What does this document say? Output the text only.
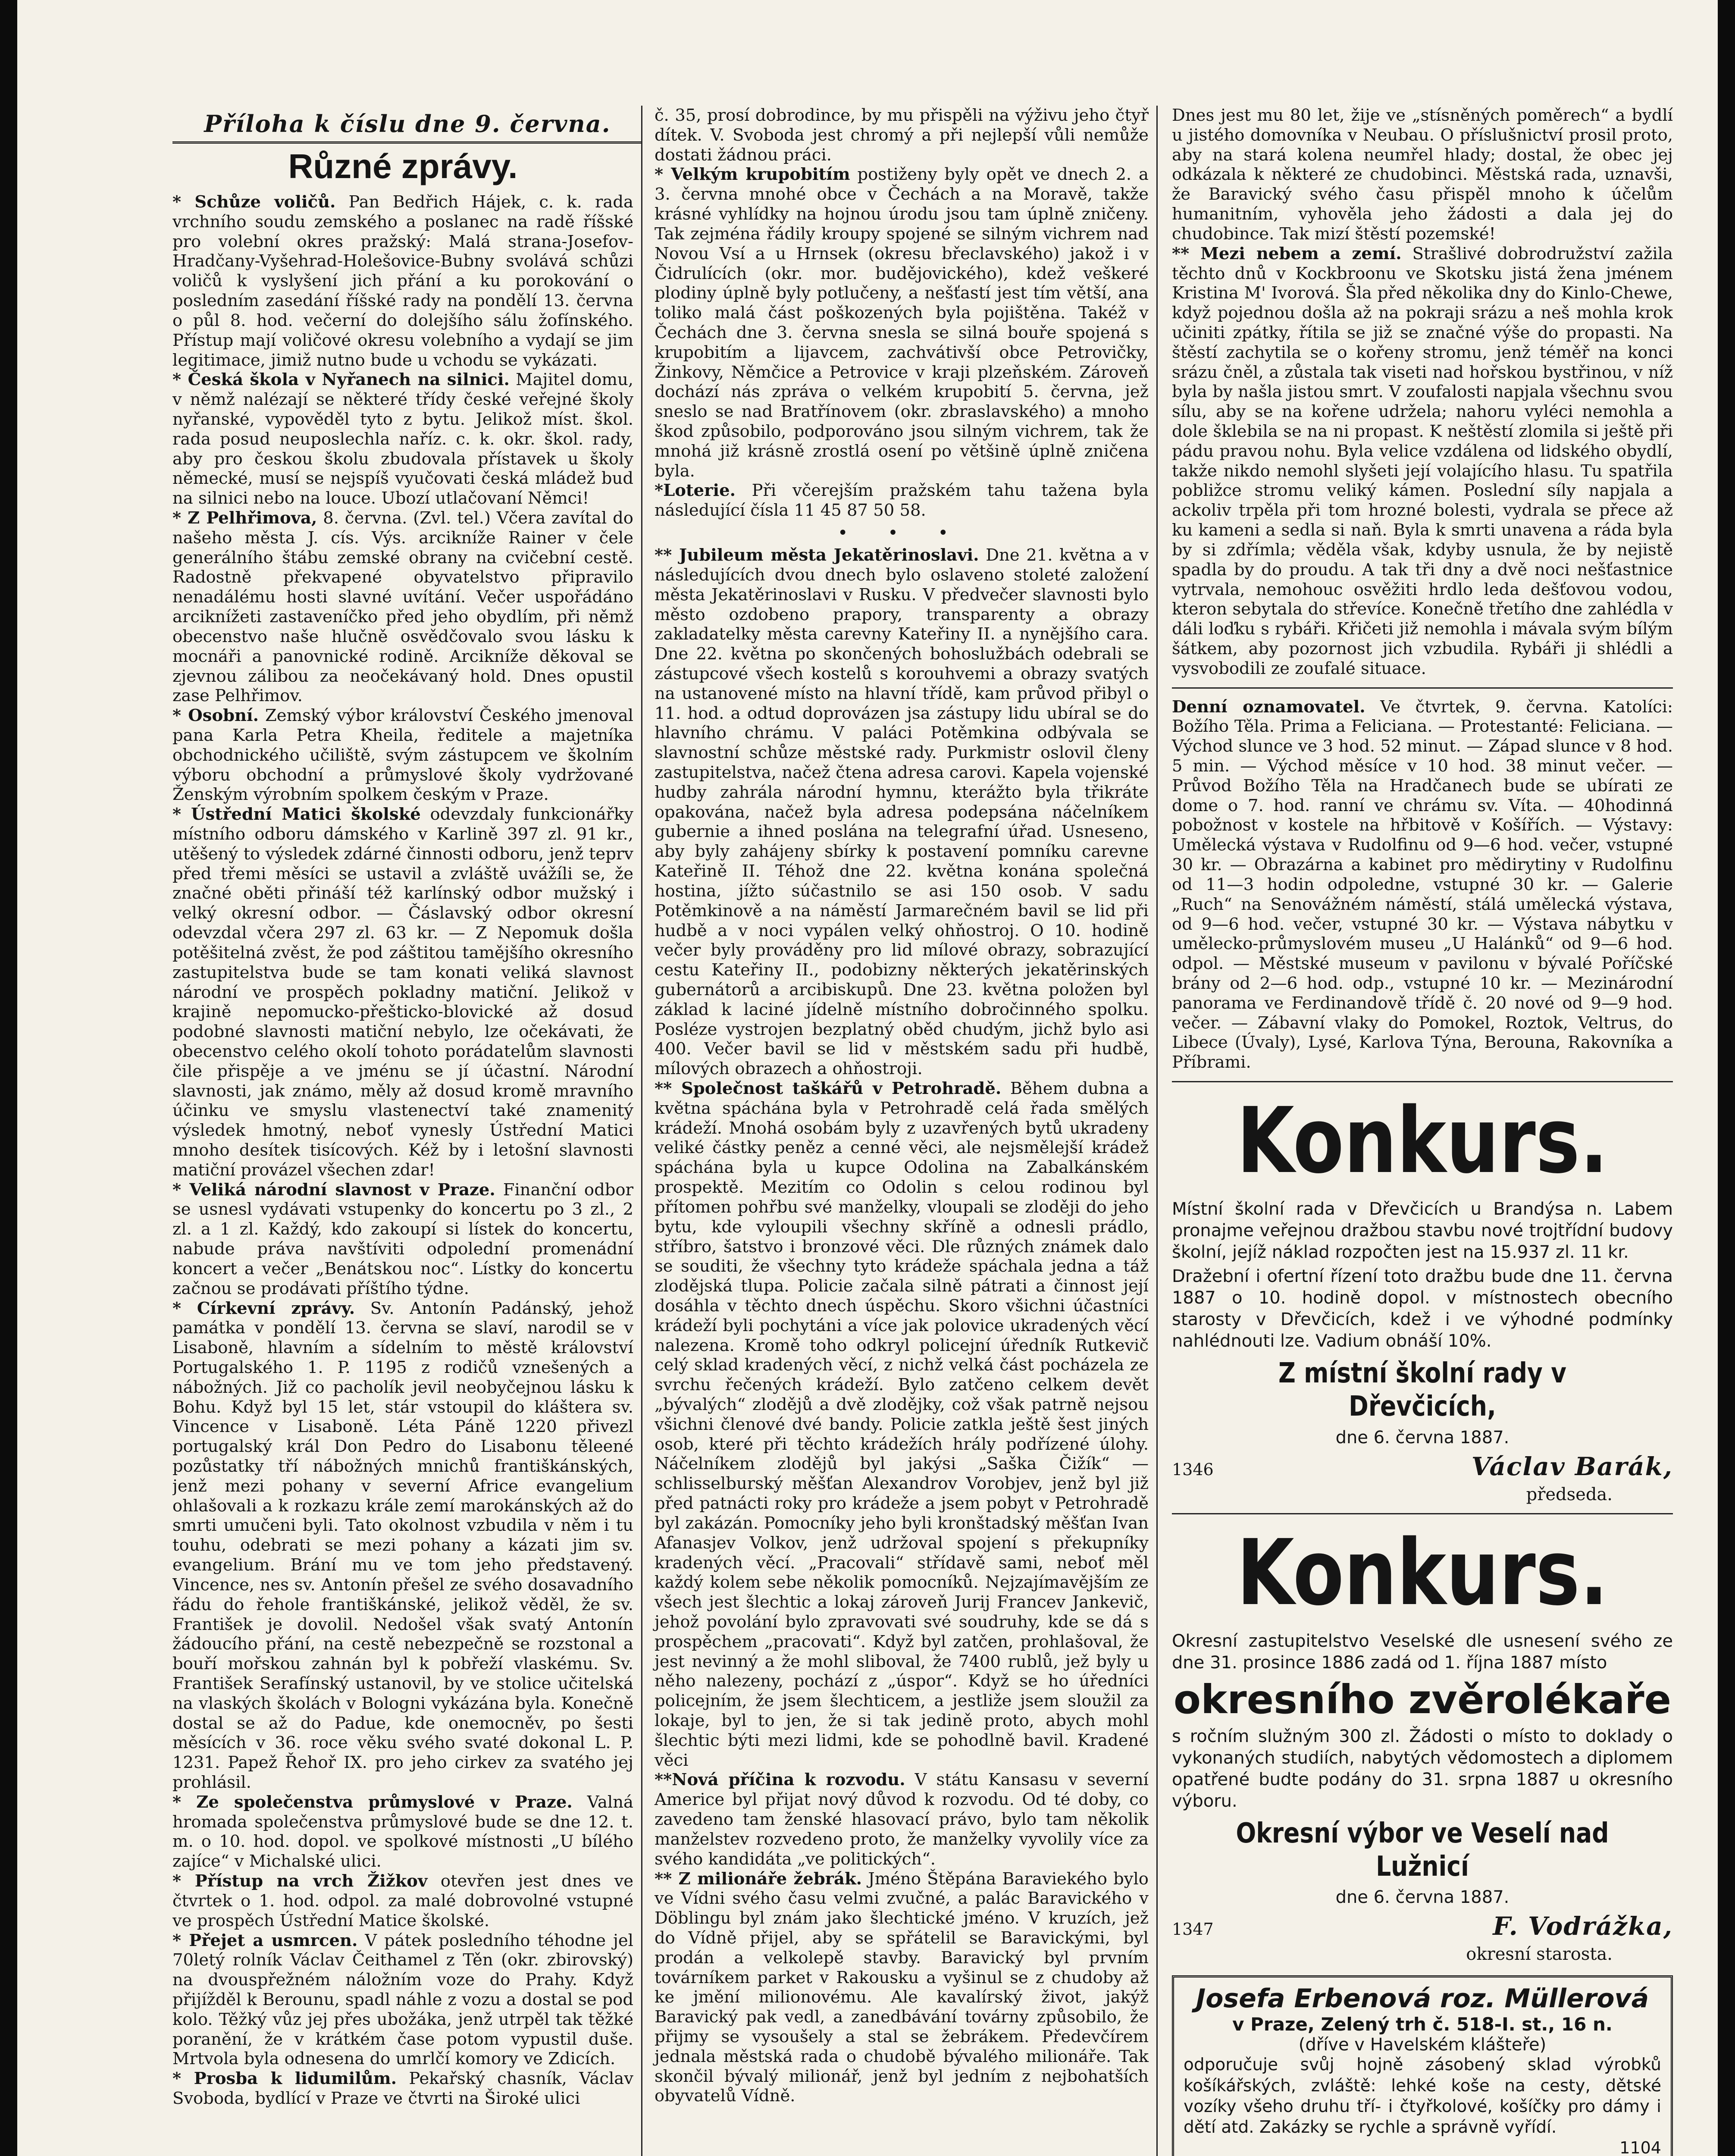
Příloha k číslu dne 9. června.
Různé zprávy.

* Schůze voličů. Pan Bedřich Hájek, c. k. rada vrchního soudu zemského a poslanec na radě říšské pro volební okres pražský: Malá strana-Josefov-Hradčany-Vyšehrad-Holešovice-Bubny svolává schůzi voličů k vyslyšení jich přání a ku porokování o posledním zasedání říšské rady na pondělí 13. června o půl 8. hod. večerní do dolejšího sálu žofínského. Přístup mají voličové okresu volebního a vydají se jim legitimace, jimiž nutno bude u vchodu se vykázati.

* Česká škola v Nyřanech na silnici. Majitel domu, v němž nalézají se některé třídy české veřejné školy nyřanské, vypověděl tyto z bytu. Jelikož míst. škol. rada posud neuposlechla naříz. c. k. okr. škol. rady, aby pro českou školu zbudovala přístavek u školy německé, musí se nejspíš vyučovati česká mládež bud na silnici nebo na louce. Ubozí utlačovaní Němci!

* Z Pelhřimova, 8. června. (Zvl. tel.) Včera zavítal do našeho města J. cís. Výs. arcikníže Rainer v čele generálního štábu zemské obrany na cvičební cestě. Radostně překvapené obyvatelstvo připravilo nenadálému hosti slavné uvítání. Večer uspořádáno arciknížeti zastaveníčko před jeho obydlím, při němž obecenstvo naše hlučně osvědčovalo svou lásku k mocnáři a panovnické rodině. Arcikníže děkoval se zjevnou zálibou za neočekávaný hold. Dnes opustil zase Pelhřimov.

* Osobní. Zemský výbor království Českého jmenoval pana Karla Petra Kheila, ředitele a majetníka obchodnického učiliště, svým zástupcem ve školním výboru obchodní a průmyslové školy vydržované Ženským výrobním spolkem českým v Praze.

* Ústřední Matici školské odevzdaly funkcionářky místního odboru dámského v Karlině 397 zl. 91 kr., utěšený to výsledek zdárné činnosti odboru, jenž teprv před třemi měsíci se ustavil a zvláště uvážíli se, že značné oběti přináší též karlínský odbor mužský i velký okresní odbor. — Čáslavský odbor okresní odevzdal včera 297 zl. 63 kr. — Z Nepomuk došla potěšitelná zvěst, že pod záštitou tamějšího okresního zastupitelstva bude se tam konati veliká slavnost národní ve prospěch pokladny matiční. Jelikož v krajině nepomucko-přešticko-blovické až dosud podobné slavnosti matiční nebylo, lze očekávati, že obecenstvo celého okolí tohoto porádatelům slavnosti čile přispěje a ve jménu se jí účastní. Národní slavnosti, jak známo, měly až dosud kromě mravního účinku ve smyslu vlastenectví také znamenitý výsledek hmotný, neboť vynesly Ústřední Matici mnoho desítek tisícových. Kéž by i letošní slavnosti matiční provázel všechen zdar!

* Veliká národní slavnost v Praze. Finanční odbor se usnesl vydávati vstupenky do koncertu po 3 zl., 2 zl. a 1 zl. Každý, kdo zakoupí si lístek do koncertu, nabude práva navštíviti odpolední promenádní koncert a večer „Benátskou noc“. Lístky do koncertu začnou se prodávati příštího týdne.

* Církevní zprávy. Sv. Antonín Padánský, jehož památka v pondělí 13. června se slaví, narodil se v Lisaboně, hlavním a sídelním to městě království Portugalského 1. P. 1195 z rodičů vznešených a nábožných. Již co pacholík jevil neobyčejnou lásku k Bohu. Když byl 15 let, stár vstoupil do kláštera sv. Vincence v Lisaboně. Léta Páně 1220 přivezl portugalský král Don Pedro do Lisabonu těleené pozůstatky tří nábožných mnichů františkánských, jenž mezi pohany v severní Africe evangelium ohlašovali a k rozkazu krále zemí marokánských až do smrti umučeni byli. Tato okolnost vzbudila v něm i tu touhu, odebrati se mezi pohany a kázati jim sv. evangelium. Brání mu ve tom jeho představený. Vincence, nes sv. Antonín přešel ze svého dosavadního řádu do řehole františkánské, jelikož věděl, že sv. František je dovolil. Nedošel však svatý Antonín žádoucího přání, na cestě nebezpečně se rozstonal a bouří mořskou zahnán byl k pobřeží vlaskému. Sv. František Serafínský ustanovil, by ve stolice učitelská na vlaských školách v Bologni vykázána byla. Konečně dostal se až do Padue, kde onemocněv, po šesti měsících v 36. roce věku svého svaté dokonal L. P. 1231. Papež Řehoř IX. pro jeho cirkev za svatého jej prohlásil.

* Ze společenstva průmyslové v Praze. Valná hromada společenstva průmyslové bude se dne 12. t. m. o 10. hod. dopol. ve spolkové místnosti „U bílého zajíce“ v Michalské ulici.

* Přístup na vrch Žižkov otevřen jest dnes ve čtvrtek o 1. hod. odpol. za malé dobrovolné vstupné ve prospěch Ústřední Matice školské.

* Přejet a usmrcen. V pátek posledního téhodne jel 70letý rolník Václav Čeithamel z Těn (okr. zbirovský) na dvouspřežném náložním voze do Prahy. Když přijížděl k Berounu, spadl náhle z vozu a dostal se pod kolo. Těžký vůz jej přes ubožáka, jenž utrpěl tak těžké poranění, že v krátkém čase potom vypustil duše. Mrtvola byla odnesena do umrlčí komory ve Zdicích.

* Prosba k lidumilům. Pekařský chasník, Václav Svoboda, bydlící v Praze ve čtvrti na Široké ulici

č. 35, prosí dobrodince, by mu přispěli na výživu jeho čtyř dítek. V. Svoboda jest chromý a při nejlepší vůli nemůže dostati žádnou práci.

* Velkým krupobitím postiženy byly opět ve dnech 2. a 3. června mnohé obce v Čechách a na Moravě, takže krásné vyhlídky na hojnou úrodu jsou tam úplně zničeny. Tak zejména řádily kroupy spojené se silným vichrem nad Novou Vsí a u Hrnsek (okresu břeclavského) jakož i v Čidrulících (okr. mor. budějovického), kdež veškeré plodiny úplně byly potlučeny, a nešťastí jest tím větší, ana toliko malá část poškozených byla pojištěna. Takéž v Čechách dne 3. června snesla se silná bouře spojená s krupobitím a lijavcem, zachvátivší obce Petrovičky, Žinkovy, Němčice a Petrovice v kraji plzeňském. Zároveň dochází nás zpráva o velkém krupobití 5. června, jež sneslo se nad Bratřínovem (okr. zbraslavského) a mnoho škod způsobilo, podporováno jsou silným vichrem, tak že mnohá již krásně zrostlá osení po většině úplně zničena byla.

*Loterie. Při včerejším pražském tahu tažena byla následující čísla 11 45 87 50 58.

• • •

** Jubileum města Jekatěrinoslavi. Dne 21. května a v následujících dvou dnech bylo oslaveno stoleté založení města Jekatěrinoslavi v Rusku. V předvečer slavnosti bylo město ozdobeno prapory, transparenty a obrazy zakladatelky města carevny Kateřiny II. a nynějšího cara. Dne 22. května po skončených bohoslužbách odebrali se zástupcové všech kostelů s korouhvemi a obrazy svatých na ustanovené místo na hlavní třídě, kam průvod přibyl o 11. hod. a odtud doprovázen jsa zástupy lidu ubíral se do hlavního chrámu. V paláci Potěmkina odbývala se slavnostní schůze městské rady. Purkmistr oslovil členy zastupitelstva, načež čtena adresa carovi. Kapela vojenské hudby zahrála národní hymnu, kterážto byla třikráte opakována, načež byla adresa podepsána náčelníkem gubernie a ihned poslána na telegrafní úřad. Usneseno, aby byly zahájeny sbírky k postavení pomníku carevne Kateřině II. Téhož dne 22. května konána společná hostina, jížto súčastnilo se asi 150 osob. V sadu Potěmkinově a na náměstí Jarmarečném bavil se lid při hudbě a v noci vypálen velký ohňostroj. O 10. hodině večer byly prováděny pro lid mílové obrazy, sobrazující cestu Kateřiny II., podobizny některých jekatěrinských gubernátorů a arcibiskupů. Dne 23. května položen byl základ k laciné jídelně místního dobročinného spolku. Posléze vystrojen bezplatný oběd chudým, jichž bylo asi 400. Večer bavil se lid v městském sadu při hudbě, mílových obrazech a ohňostroji.

** Společnost taškářů v Petrohradě. Během dubna a května spáchána byla v Petrohradě celá řada smělých krádeží. Mnohá osobám byly z uzavřených bytů ukradeny veliké částky peněz a cenné věci, ale nejsmělejší krádež spáchána byla u kupce Odolina na Zabalkánském prospektě. Mezitím co Odolin s celou rodinou byl přítomen pohřbu své manželky, vloupali se zloději do jeho bytu, kde vyloupili všechny skříně a odnesli prádlo, stříbro, šatstvo i bronzové věci. Dle různých známek dalo se souditi, že všechny tyto krádeže spáchala jedna a táž zlodějská tlupa. Policie začala silně pátrati a činnost její dosáhla v těchto dnech úspěchu. Skoro všichni účastníci krádeží byli pochytáni a více jak polovice ukradených věcí nalezena. Kromě toho odkryl policejní úředník Rutkevič celý sklad kradených věcí, z nichž velká část pocházela ze svrchu řečených krádeží. Bylo zatčeno celkem devět „bývalých“ zlodějů a dvě zlodějky, což však patrně nejsou všichni členové dvé bandy. Policie zatkla ještě šest jiných osob, které při těchto krádežích hrály podřízené úlohy. Náčelníkem zlodějů byl jakýsi „Saška Čižík“ — schlisselburský měšťan Alexandrov Vorobjev, jenž byl již před patnácti roky pro krádeže a jsem pobyt v Petrohradě byl zakázán. Pomocníky jeho byli kronštadský měšťan Ivan Afanasjev Volkov, jenž udržoval spojení s překupníky kradených věcí. „Pracovali“ střídavě sami, neboť měl každý kolem sebe několik pomocníků. Nejzajímavějším ze všech jest šlechtic a lokaj zároveň Jurij Francev Jankevič, jehož povolání bylo zpravovati své soudruhy, kde se dá s prospěchem „pracovati“. Když byl zatčen, prohlašoval, že jest nevinný a že mohl sliboval, že 7400 rublů, jež byly u něho nalezeny, pochází z „úspor“. Když se ho úředníci policejním, že jsem šlechticem, a jestliže jsem sloužil za lokaje, byl to jen, že si tak jedině proto, abych mohl šlechtic býti mezi lidmi, kde se pohodlně bavil. Kradené věci

**Nová příčina k rozvodu. V státu Kansasu v severní Americe byl přijat nový důvod k rozvodu. Od té doby, co zavedeno tam ženské hlasovací právo, bylo tam několik manželstev rozvedeno proto, že manželky vyvolily více za svého kandidáta „ve politických“.

** Z milionáře žebrák. Jméno Štěpána Baraviekého bylo ve Vídni svého času velmi zvučné, a palác Baravického v Döblingu byl znám jako šlechtické jméno. V kruzích, jež do Vídně přijel, aby se spřátelil se Baravickými, byl prodán a velkolepě stavby. Baravický byl prvním továrníkem parket v Rakousku a vyšinul se z chudoby až ke jmění milionovému. Ale kavalírský život, jakýž Baravický pak vedl, a zanedbávání továrny způsobilo, že přijmy se vysoušely a stal se žebrákem. Předevčírem jednala městská rada o chudobě bývalého milionáře. Tak skončil bývalý milionář, jenž byl jedním z nejbohatších obyvatelů Vídně.

Dnes jest mu 80 let, žije ve „stísněných poměrech“ a bydlí u jistého domovníka v Neubau. O příslušnictví prosil proto, aby na stará kolena neumřel hlady; dostal, že obec jej odkázala k některé ze chudobinci. Městská rada, uznavši, že Baravický svého času přispěl mnoho k účelům humanitním, vyhověla jeho žádosti a dala jej do chudobince. Tak mizí štěstí pozemské!

** Mezi nebem a zemí. Strašlivé dobrodružství zažila těchto dnů v Kockbroonu ve Skotsku jistá žena jménem Kristina M' Ivorová. Šla před několika dny do Kinlo-Chewe, když pojednou došla až na pokraji srázu a neš mohla krok učiniti zpátky, řítila se již se značné výše do propasti. Na štěstí zachytila se o kořeny stromu, jenž téměř na konci srázu čněl, a zůstala tak viseti nad hořskou bystřinou, v níž byla by našla jistou smrt. V zoufalosti napjala všechnu svou sílu, aby se na kořene udržela; nahoru vyléci nemohla a dole šklebila se na ni propast. K neštěstí zlomila si ještě při pádu pravou nohu. Byla velice vzdálena od lidského obydlí, takže nikdo nemohl slyšeti její volajícího hlasu. Tu spatřila pobližce stromu veliký kámen. Poslední síly napjala a ackoliv trpěla při tom hrozné bolesti, vydrala se přece až ku kameni a sedla si naň. Byla k smrti unavena a ráda byla by si zdřímla; věděla však, kdyby usnula, že by nejistě spadla by do proudu. A tak tři dny a dvě noci nešťastnice vytrvala, nemohouc osvěžiti hrdlo leda dešťovou vodou, kteron sebytala do střevíce. Konečně třetího dne zahlédla v dáli loďku s rybáři. Křičeti již nemohla i mávala svým bílým šátkem, aby pozornost jich vzbudila. Rybáři ji shlédli a vysvobodili ze zoufalé situace.

Denní oznamovatel. Ve čtvrtek, 9. června. Katolíci: Božího Těla. Prima a Feliciana. — Protestanté: Feliciana. — Východ slunce ve 3 hod. 52 minut. — Západ slunce v 8 hod. 5 min. — Východ měsíce v 10 hod. 38 minut večer. — Průvod Božího Těla na Hradčanech bude se ubírati ze dome o 7. hod. ranní ve chrámu sv. Víta. — 40hodinná pobožnost v kostele na hřbitově v Košířích. — Výstavy: Umělecká výstava v Rudolfinu od 9—6 hod. večer, vstupné 30 kr. — Obrazárna a kabinet pro mědirytiny v Rudolfinu od 11—3 hodin odpoledne, vstupné 30 kr. — Galerie „Ruch“ na Senovážném náměstí, stálá umělecká výstava, od 9—6 hod. večer, vstupné 30 kr. — Výstava nábytku v umělecko-průmyslovém museu „U Halánků“ od 9—6 hod. odpol. — Městské museum v pavilonu v bývalé Poříčské brány od 2—6 hod. odp., vstupné 10 kr. — Mezinárodní panorama ve Ferdinandově třídě č. 20 nové od 9—9 hod. večer. — Zábavní vlaky do Pomokel, Roztok, Veltrus, do Libece (Úvaly), Lysé, Karlova Týna, Berouna, Rakovníka a Příbrami.

Konkurs.

Místní školní rada v Dřevčicích u Brandýsa n. Labem pronajme veřejnou dražbou stavbu nové trojtřídní budovy školní, jejíž náklad rozpočten jest na 15.937 zl. 11 kr.

Dražební i ofertní řízení toto dražbu bude dne 11. června 1887 o 10. hodině dopol. v místnostech obecního starosty v Dřevčicích, kdež i ve výhodné podmínky nahlédnouti lze. Vadium obnáší 10%.

Z místní školní rady v Dřevčicích,
dne 6. června 1887.
1346	Václav Barák,
předseda.
Konkurs.

Okresní zastupitelstvo Veselské dle usnesení svého ze dne 31. prosince 1886 zadá od 1. října 1887 místo

okresního zvěrolékaře

s ročním služným 300 zl. Žádosti o místo to doklady o vykonaných studiích, nabytých vědomostech a diplomem opatřené budte podány do 31. srpna 1887 u okresního výboru.

Okresní výbor ve Veselí nad Lužnicí
dne 6. června 1887.
1347	F. Vodrážka,
okresní starosta.
Josefa Erbenová roz. Müllerová
v Praze, Zelený trh č. 518-I. st., 16 n.
(dříve v Havelském klášteře)
odporučuje svůj hojně zásobený sklad výrobků košíkářských, zvláště: lehké koše na cesty, dětské vozíky všeho druhu tří- i čtyřkolové, košíčky pro dámy i dětí atd. Zakázky se rychle a správně vyřídí.
1104
